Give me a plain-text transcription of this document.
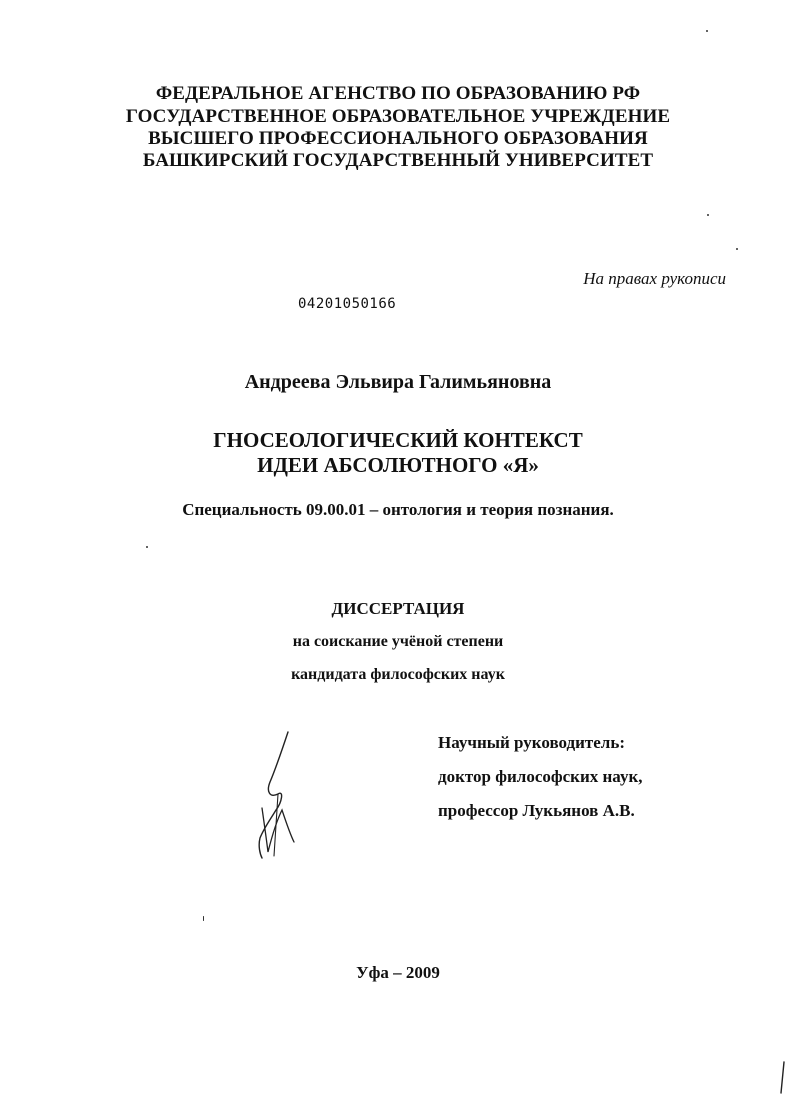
ФЕДЕРАЛЬНОЕ АГЕНСТВО ПО ОБРАЗОВАНИЮ РФ
ГОСУДАРСТВЕННОЕ ОБРАЗОВАТЕЛЬНОЕ УЧРЕЖДЕНИЕ
ВЫСШЕГО ПРОФЕССИОНАЛЬНОГО ОБРАЗОВАНИЯ
БАШКИРСКИЙ ГОСУДАРСТВЕННЫЙ УНИВЕРСИТЕТ
На правах рукописи
04201050166
Андреева Эльвира Галимьяновна
ГНОСЕОЛОГИЧЕСКИЙ КОНТЕКСТ
ИДЕИ АБСОЛЮТНОГО «Я»
Специальность 09.00.01 – онтология и теория познания.
ДИССЕРТАЦИЯ
на соискание учёной степени
кандидата философских наук
Научный руководитель:
доктор философских наук,
профессор Лукьянов А.В.
Уфа – 2009
